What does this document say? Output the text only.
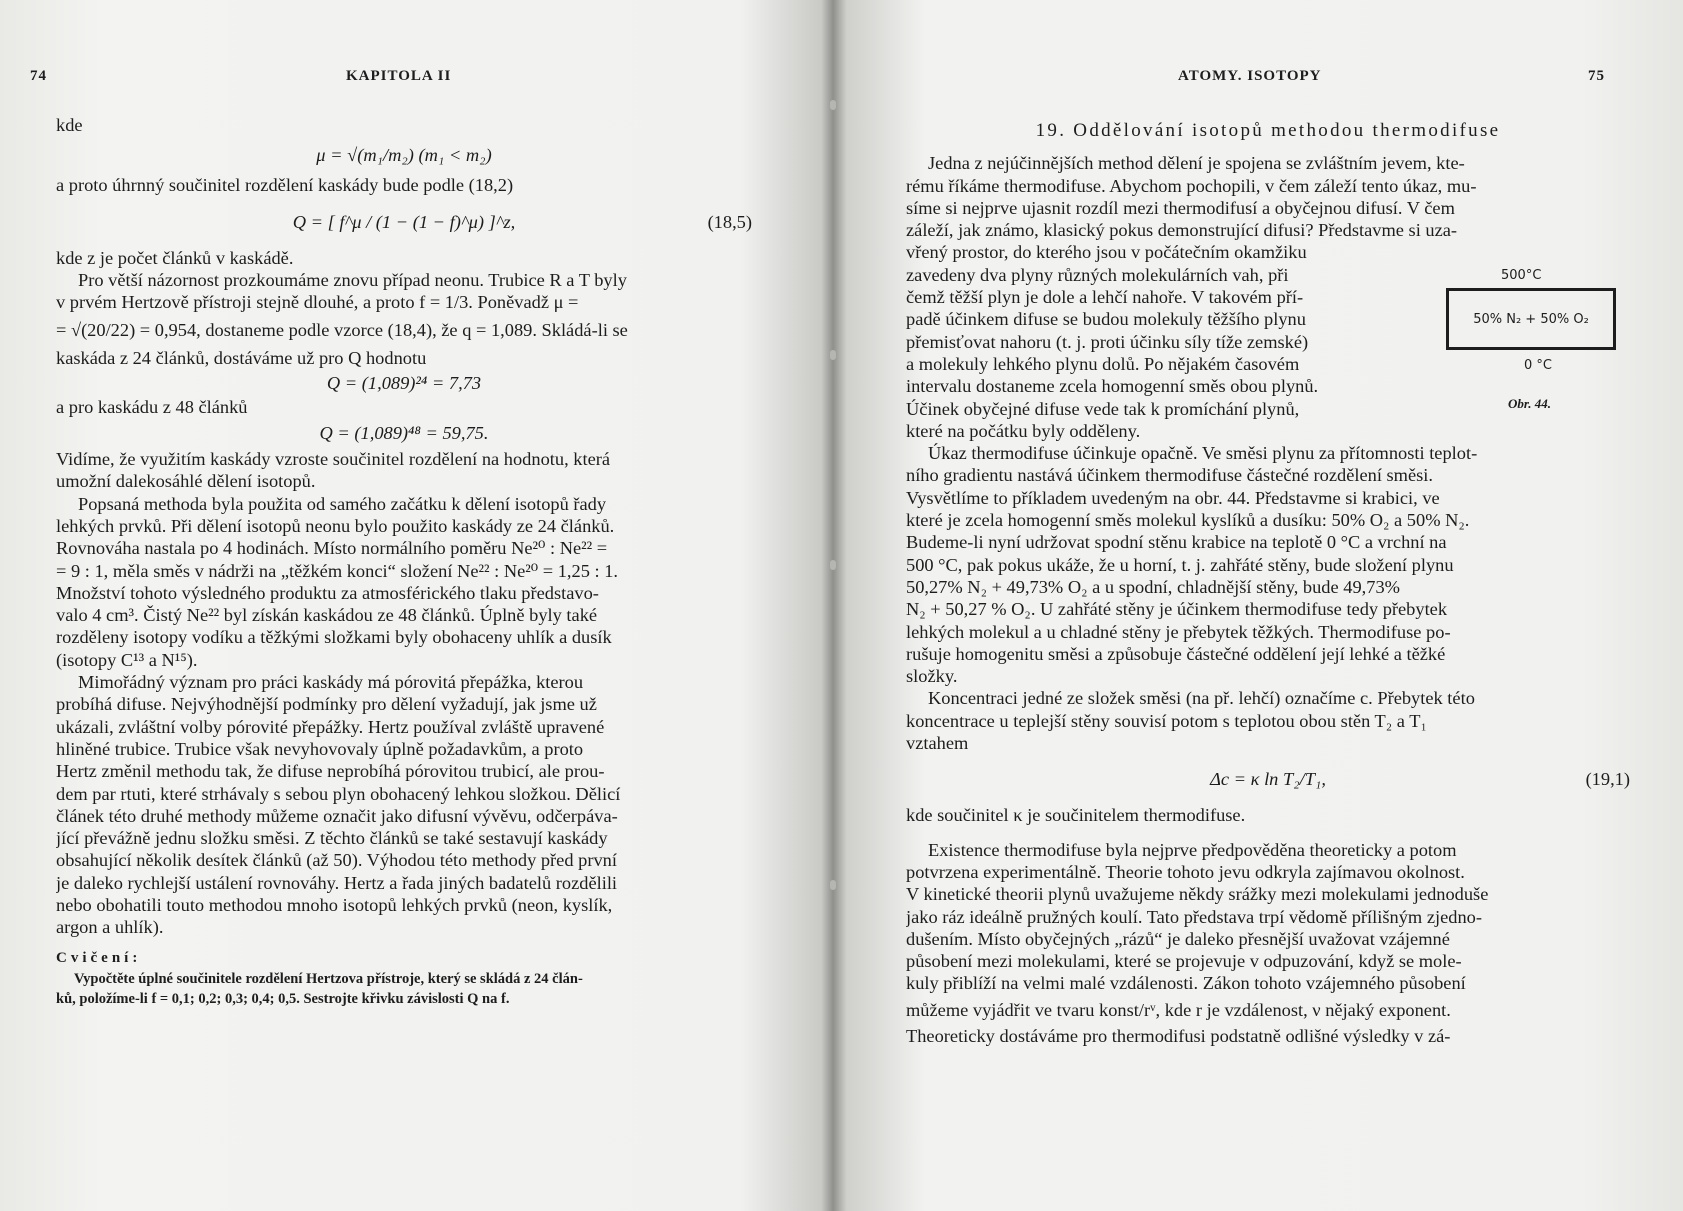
74	KAPITOLA II
kde
μ = √(m₁/m₂) (m₁ < m₂)
a proto úhrnný součinitel rozdělení kaskády bude podle (18,2)
Q = [ f^μ / (1 − (1 − f)^μ) ]^z,	(18,5)
kde z je počet článků v kaskádě.
Pro větší názornost prozkoumáme znovu případ neonu. Trubice R a T byly
v prvém Hertzově přístroji stejně dlouhé, a proto f = 1/3. Poněvadž μ =
= √(20/22) = 0,954, dostaneme podle vzorce (18,4), že q = 1,089. Skládá-li se
kaskáda z 24 článků, dostáváme už pro Q hodnotu
Q = (1,089)²⁴ = 7,73
a pro kaskádu z 48 článků
Q = (1,089)⁴⁸ = 59,75.
Vidíme, že využitím kaskády vzroste součinitel rozdělení na hodnotu, která
umožní dalekosáhlé dělení isotopů.
Popsaná methoda byla použita od samého začátku k dělení isotopů řady
lehkých prvků. Při dělení isotopů neonu bylo použito kaskády ze 24 článků.
Rovnováha nastala po 4 hodinách. Místo normálního poměru Ne²⁰ : Ne²² =
= 9 : 1, měla směs v nádrži na „těžkém konci“ složení Ne²² : Ne²⁰ = 1,25 : 1.
Množství tohoto výsledného produktu za atmosférického tlaku představo-
valo 4 cm³. Čistý Ne²² byl získán kaskádou ze 48 článků. Úplně byly také
rozděleny isotopy vodíku a těžkými složkami byly obohaceny uhlík a dusík
(isotopy C¹³ a N¹⁵).
Mimořádný význam pro práci kaskády má pórovitá přepážka, kterou
probíhá difuse. Nejvýhodnější podmínky pro dělení vyžadují, jak jsme už
ukázali, zvláštní volby pórovité přepážky. Hertz používal zvláště upravené
hliněné trubice. Trubice však nevyhovovaly úplně požadavkům, a proto
Hertz změnil methodu tak, že difuse neprobíhá pórovitou trubicí, ale prou-
dem par rtuti, které strhávaly s sebou plyn obohacený lehkou složkou. Dělicí
článek této druhé methody můžeme označit jako difusní vývěvu, odčerpáva-
jící převážně jednu složku směsi. Z těchto článků se také sestavují kaskády
obsahující několik desítek článků (až 50). Výhodou této methody před první
je daleko rychlejší ustálení rovnováhy. Hertz a řada jiných badatelů rozdělili
nebo obohatili touto methodou mnoho isotopů lehkých prvků (neon, kyslík,
argon a uhlík).
Cvičení:
Vypočtěte úplné součinitele rozdělení Hertzova přístroje, který se skládá z 24 člán-
ků, položíme-li f = 0,1; 0,2; 0,3; 0,4; 0,5. Sestrojte křivku závislosti Q na f.
ATOMY. ISOTOPY	75
19. Oddělování isotopů methodou thermodifuse
Jedna z nejúčinnějších method dělení je spojena se zvláštním jevem, kte-
rému říkáme thermodifuse. Abychom pochopili, v čem záleží tento úkaz, mu-
síme si nejprve ujasnit rozdíl mezi thermodifusí a obyčejnou difusí. V čem
záleží, jak známo, klasický pokus demonstrující difusi? Představme si uza-
vřený prostor, do kterého jsou v počátečním okamžiku
zavedeny dva plyny různých molekulárních vah, při
čemž těžší plyn je dole a lehčí nahoře. V takovém pří-
padě účinkem difuse se budou molekuly těžšího plynu
přemisťovat nahoru (t. j. proti účinku síly tíže zemské)
a molekuly lehkého plynu dolů. Po nějakém časovém
intervalu dostaneme zcela homogenní směs obou plynů.
Účinek obyčejné difuse vede tak k promíchání plynů,
které na počátku byly odděleny.
Úkaz thermodifuse účinkuje opačně. Ve směsi plynu za přítomnosti teplot-
ního gradientu nastává účinkem thermodifuse částečné rozdělení směsi.
Vysvětlíme to příkladem uvedeným na obr. 44. Představme si krabici, ve
které je zcela homogenní směs molekul kyslíků a dusíku: 50% O₂ a 50% N₂.
Budeme-li nyní udržovat spodní stěnu krabice na teplotě 0 °C a vrchní na
500 °C, pak pokus ukáže, že u horní, t. j. zahřáté stěny, bude složení plynu
50,27% N₂ + 49,73% O₂ a u spodní, chladnější stěny, bude 49,73%
N₂ + 50,27 % O₂. U zahřáté stěny je účinkem thermodifuse tedy přebytek
lehkých molekul a u chladné stěny je přebytek těžkých. Thermodifuse po-
rušuje homogenitu směsi a způsobuje částečné oddělení její lehké a těžké
složky.
Koncentraci jedné ze složek směsi (na př. lehčí) označíme c. Přebytek této
koncentrace u teplejší stěny souvisí potom s teplotou obou stěn T₂ a T₁
vztahem
Δc = κ ln T₂/T₁,	(19,1)
kde součinitel κ je součinitelem thermodifuse.
Existence thermodifuse byla nejprve předpověděna theoreticky a potom
potvrzena experimentálně. Theorie tohoto jevu odkryla zajímavou okolnost.
V kinetické theorii plynů uvažujeme někdy srážky mezi molekulami jednoduše
jako ráz ideálně pružných koulí. Tato představa trpí vědomě přílišným zjedno-
dušením. Místo obyčejných „rázů“ je daleko přesnější uvažovat vzájemné
působení mezi molekulami, které se projevuje v odpuzování, když se mole-
kuly přiblíží na velmi malé vzdálenosti. Zákon tohoto vzájemného působení
můžeme vyjádřit ve tvaru konst/rᵛ, kde r je vzdálenost, ν nějaký exponent.
Theoreticky dostáváme pro thermodifusi podstatně odlišné výsledky v zá-
500°C
50% N₂ + 50% O₂
0 °C
Obr. 44.
